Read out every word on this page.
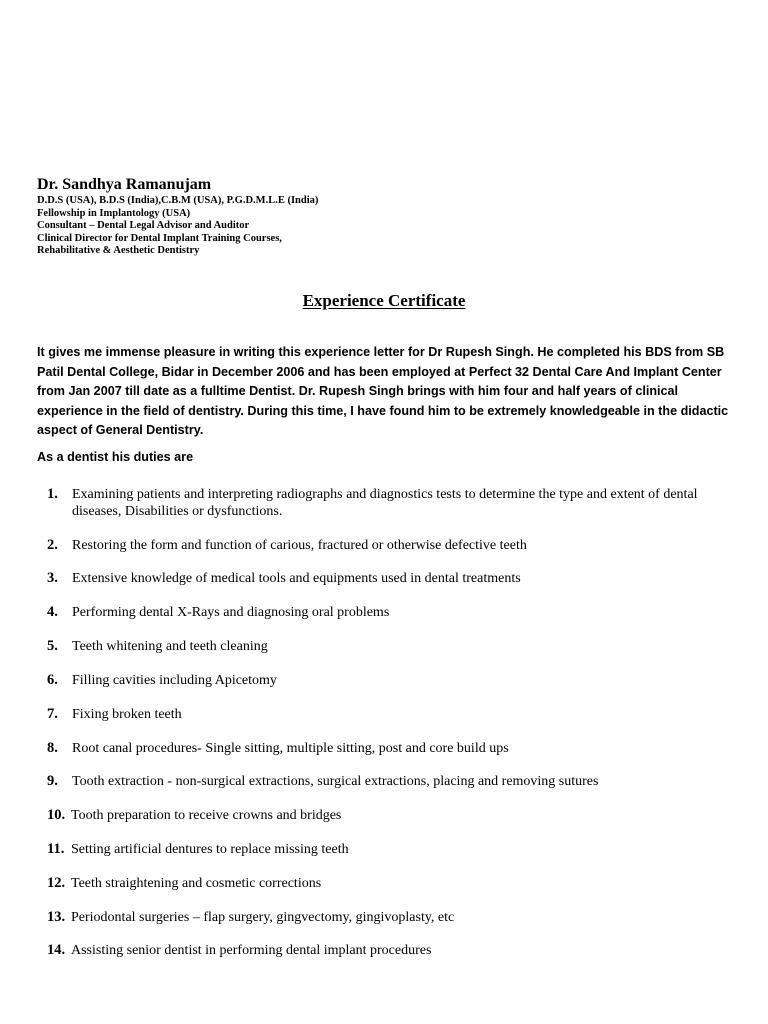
Dr. Sandhya Ramanujam

D.D.S (USA), B.D.S (India),C.B.M (USA), P.G.D.M.L.E (India)

Fellowship in Implantology (USA)

Consultant – Dental Legal Advisor and Auditor

Clinical Director for Dental Implant Training Courses,

Rehabilitative & Aesthetic Dentistry

Experience Certificate

It gives me immense pleasure in writing this experience letter for Dr Rupesh Singh. He completed his BDS from SB Patil Dental College, Bidar in December 2006 and has been employed at Perfect 32 Dental Care And Implant Center from Jan 2007 till date as a fulltime Dentist. Dr. Rupesh Singh brings with him four and half years of clinical experience in the field of dentistry. During this time, I have found him to be extremely knowledgeable in the didactic aspect of General Dentistry.

As a dentist his duties are

1. Examining patients and interpreting radiographs and diagnostics tests to determine the type and extent of dental diseases, Disabilities or dysfunctions.
2. Restoring the form and function of carious, fractured or otherwise defective teeth
3. Extensive knowledge of medical tools and equipments used in dental treatments
4. Performing dental X-Rays and diagnosing oral problems
5. Teeth whitening and teeth cleaning
6. Filling cavities including Apicetomy
7. Fixing broken teeth
8. Root canal procedures- Single sitting, multiple sitting, post and core build ups
9. Tooth extraction - non-surgical extractions, surgical extractions, placing and removing sutures
10. Tooth preparation to receive crowns and bridges
11. Setting artificial dentures to replace missing teeth
12. Teeth straightening and cosmetic corrections
13. Periodontal surgeries – flap surgery, gingvectomy, gingivoplasty, etc
14. Assisting senior dentist in performing dental implant procedures
